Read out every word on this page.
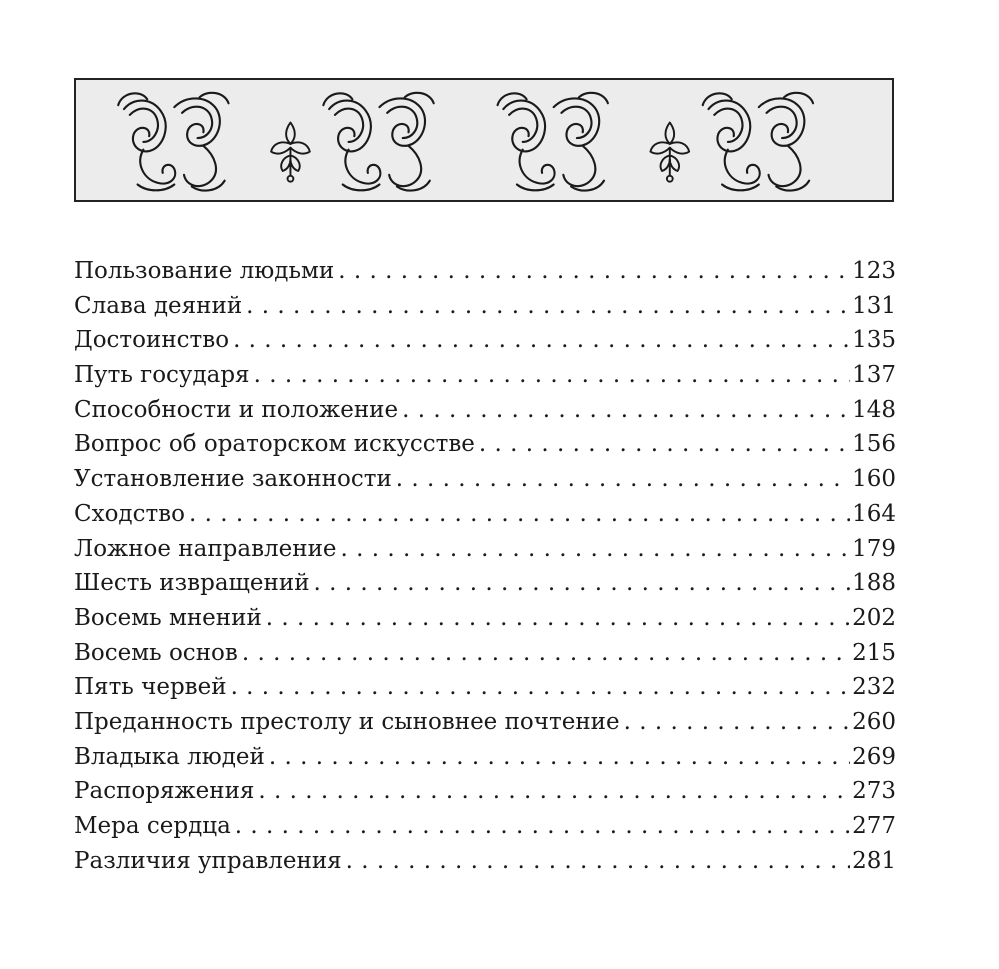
Пользование людьми . . .	123
Слава деяний . . .	131
Достоинство . . .	135
Путь государя . . .	137
Способности и положение . . .	148
Вопрос об ораторском искусстве . . .	156
Установление законности . . .	160
Сходство . . .	164
Ложное направление . . .	179
Шесть извращений . . .	188
Восемь мнений . . .	202
Восемь основ . . .	215
Пять червей . . .	232
Преданность престолу и сыновнее почтение . . .	260
Владыка людей . . .	269
Распоряжения . . .	273
Мера сердца . . .	277
Различия управления . . .	281
